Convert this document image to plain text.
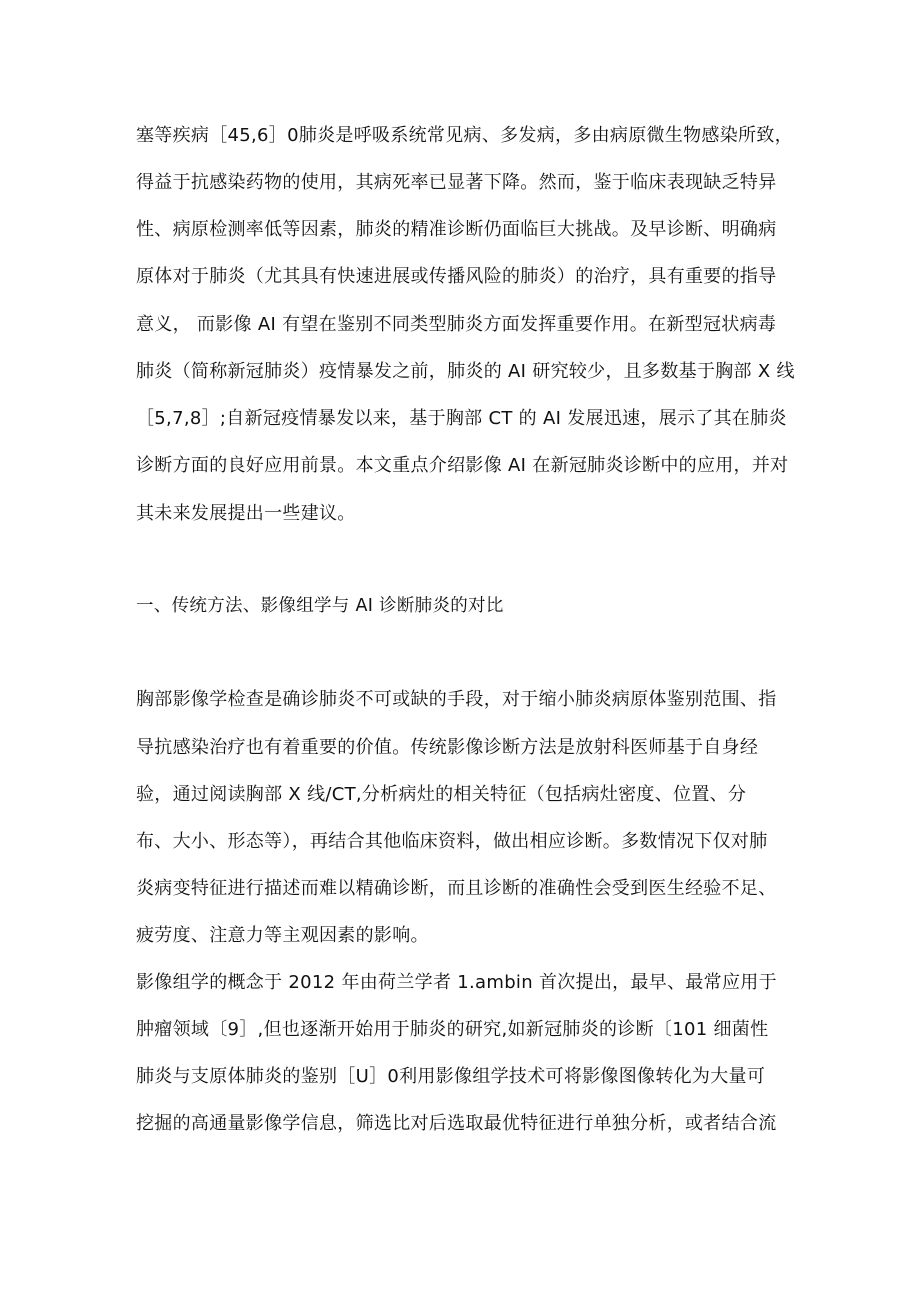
塞等疾病［45,6］0肺炎是呼吸系统常见病、多发病，多由病原微生物感染所致，
得益于抗感染药物的使用，其病死率已显著下降。然而，鉴于临床表现缺乏特异
性、病原检测率低等因素，肺炎的精准诊断仍面临巨大挑战。及早诊断、明确病
原体对于肺炎（尤其具有快速进展或传播风险的肺炎）的治疗，具有重要的指导
意义， 而影像 AI 有望在鉴别不同类型肺炎方面发挥重要作用。在新型冠状病毒
肺炎（简称新冠肺炎）疫情暴发之前，肺炎的 AI 研究较少，且多数基于胸部 X 线
［5,7,8］;自新冠疫情暴发以来，基于胸部 CT 的 AI 发展迅速，展示了其在肺炎
诊断方面的良好应用前景。本文重点介绍影像 AI 在新冠肺炎诊断中的应用，并对
其未来发展提出一些建议。
一、传统方法、影像组学与 AI 诊断肺炎的对比
胸部影像学检查是确诊肺炎不可或缺的手段，对于缩小肺炎病原体鉴别范围、指
导抗感染治疗也有着重要的价值。传统影像诊断方法是放射科医师基于自身经
验，通过阅读胸部 X 线/CT,分析病灶的相关特征（包括病灶密度、位置、分
布、大小、形态等），再结合其他临床资料，做出相应诊断。多数情况下仅对肺
炎病变特征进行描述而难以精确诊断，而且诊断的准确性会受到医生经验不足、
疲劳度、注意力等主观因素的影响。
影像组学的概念于 2012 年由荷兰学者 1.ambin 首次提出，最早、最常应用于
肿瘤领域〔9］,但也逐渐开始用于肺炎的研究,如新冠肺炎的诊断〔101 细菌性
肺炎与支原体肺炎的鉴别［U］0利用影像组学技术可将影像图像转化为大量可
挖掘的高通量影像学信息，筛选比对后选取最优特征进行单独分析，或者结合流
